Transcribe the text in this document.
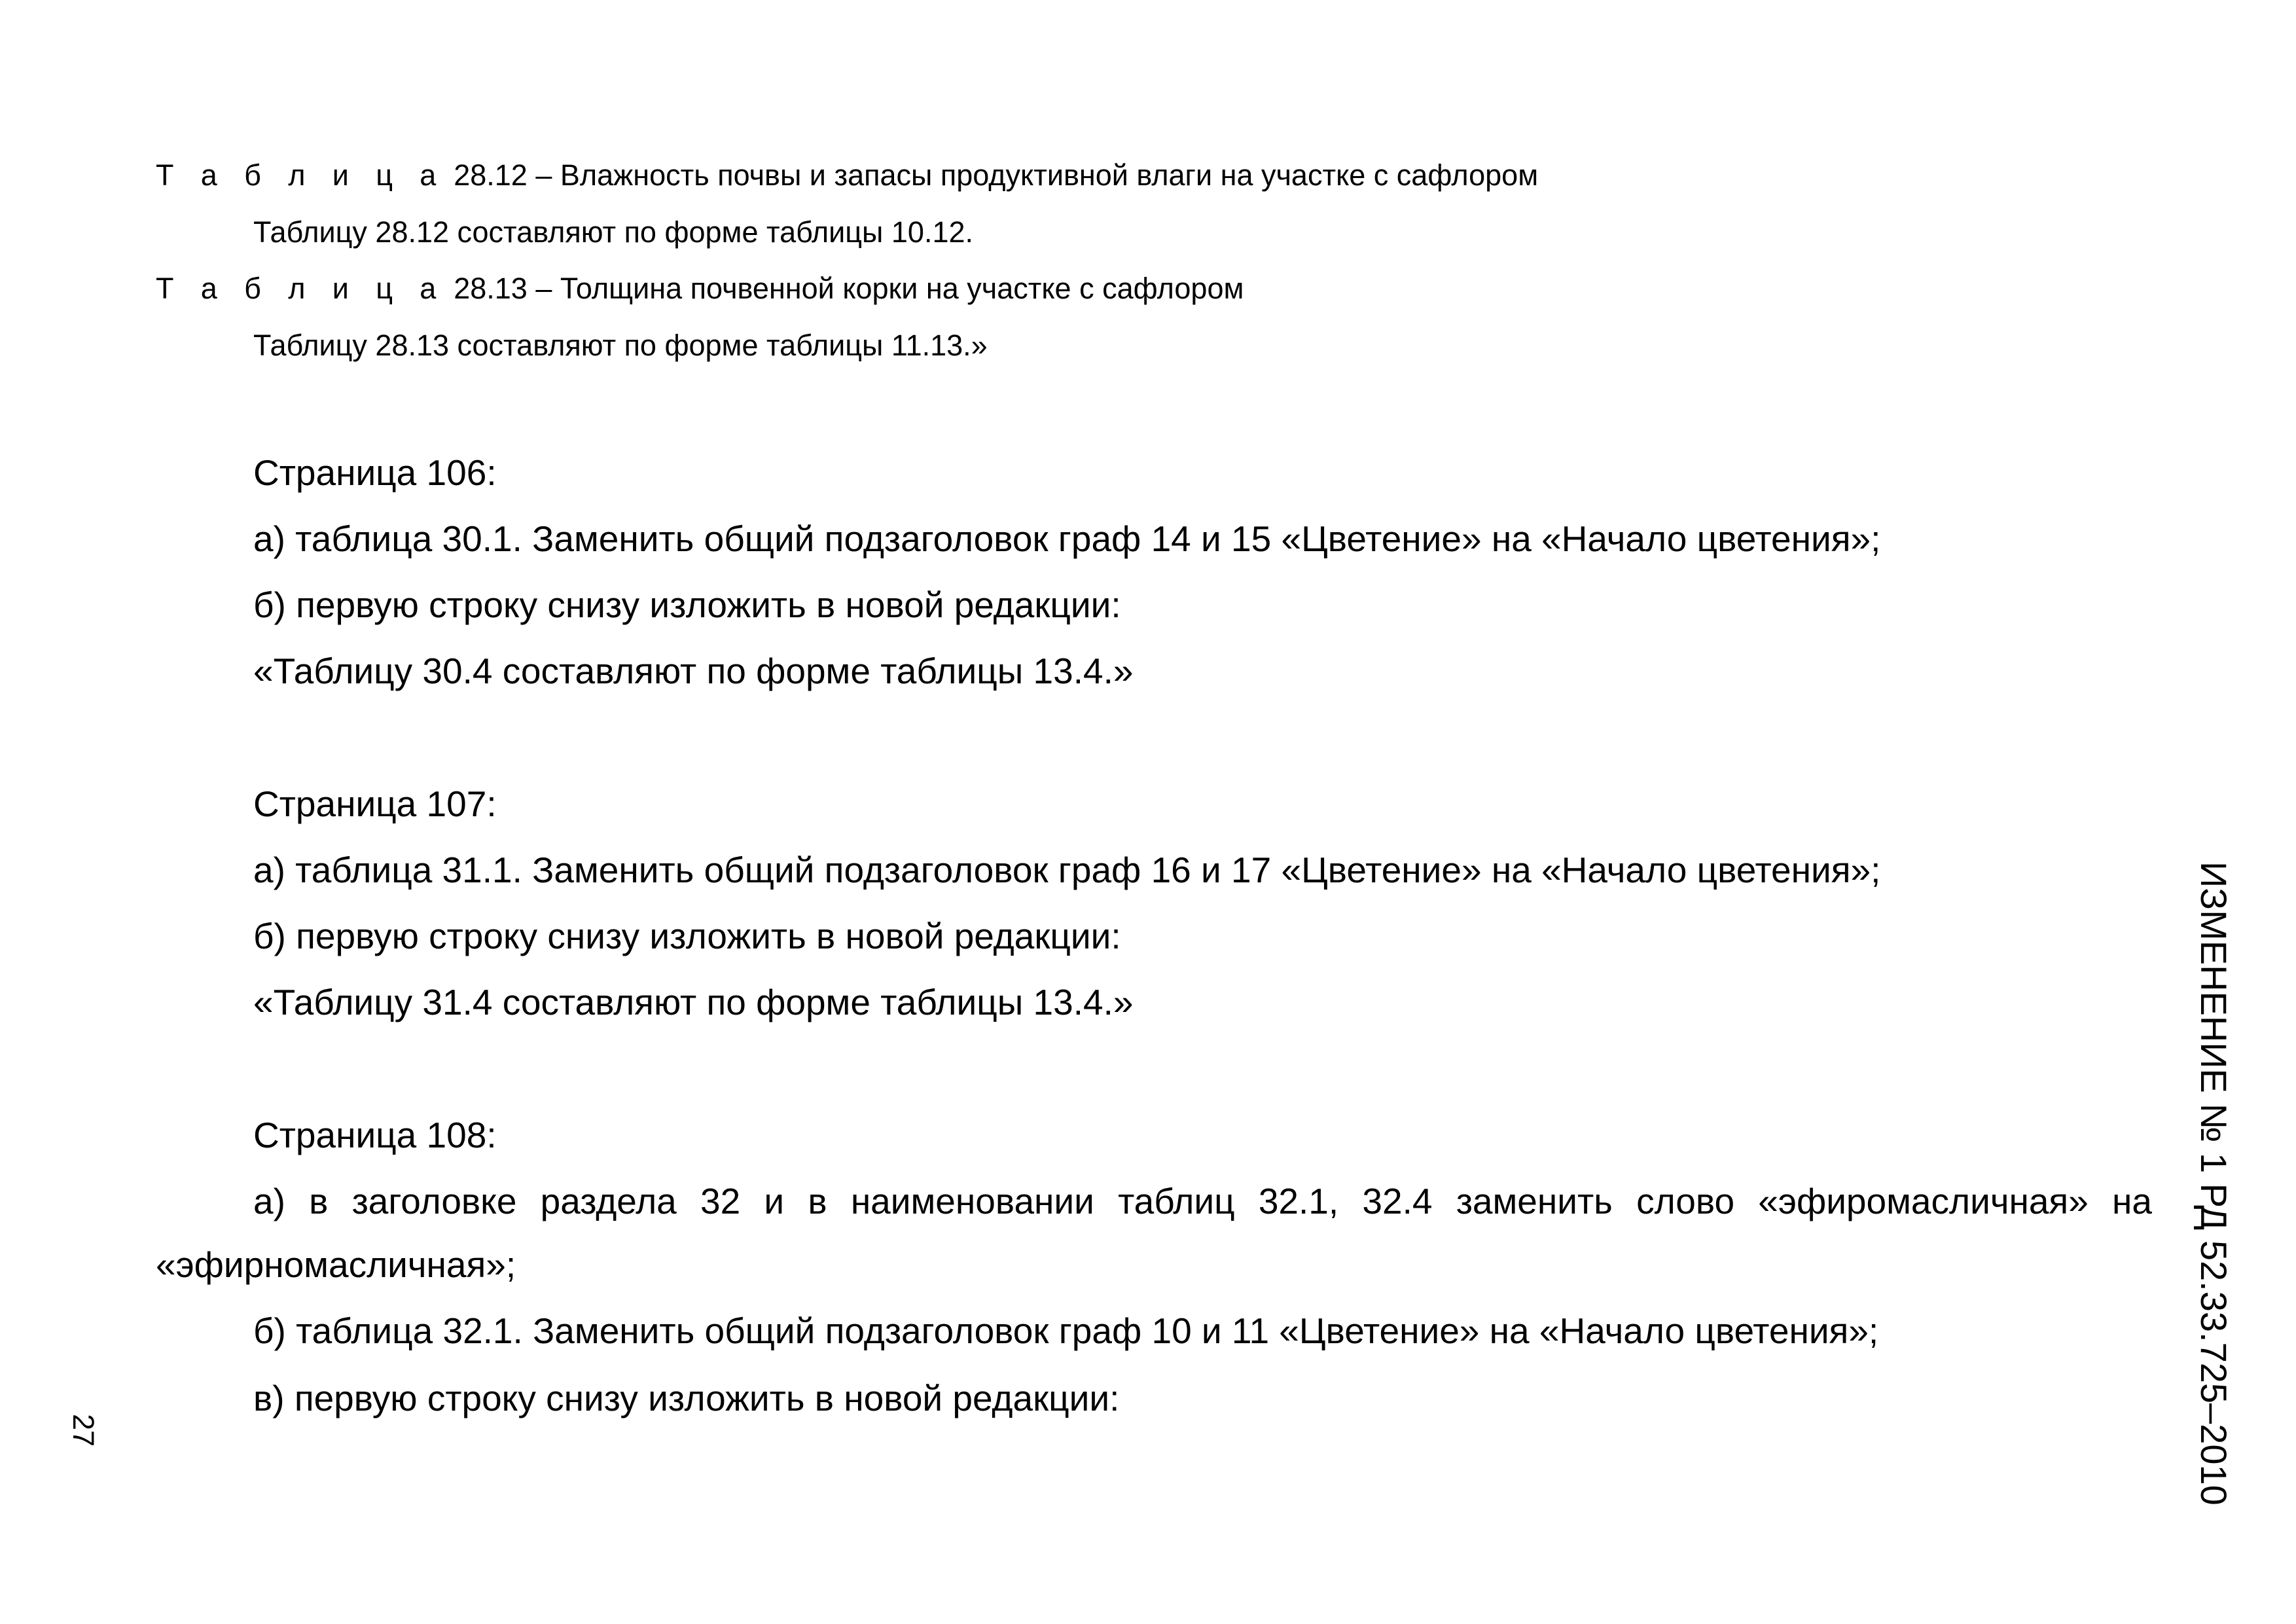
Т а б л и ц а 28.12 – Влажность почвы и запасы продуктивной влаги на участке с сафлором
Таблицу 28.12 составляют по форме таблицы 10.12.
Т а б л и ц а 28.13 – Толщина почвенной корки на участке с сафлором
Таблицу 28.13 составляют по форме таблицы 11.13.»
Страница 106:
а) таблица 30.1. Заменить общий подзаголовок граф 14 и 15 «Цветение» на «Начало цветения»;
б) первую строку снизу изложить в новой редакции:
«Таблицу 30.4 составляют по форме таблицы 13.4.»
Страница 107:
а) таблица 31.1. Заменить общий подзаголовок граф 16 и 17 «Цветение» на «Начало цветения»;
б) первую строку снизу изложить в новой редакции:
«Таблицу 31.4 составляют по форме таблицы 13.4.»
Страница 108:
а) в заголовке раздела 32 и в наименовании таблиц 32.1, 32.4 заменить слово «эфиромасличная» на
«эфирномасличная»;
б) таблица 32.1. Заменить общий подзаголовок граф 10 и 11 «Цветение» на «Начало цветения»;
в) первую строку снизу изложить в новой редакции:	ИЗМЕНЕНИЕ № 1 РД 52.33.725–2010
27
